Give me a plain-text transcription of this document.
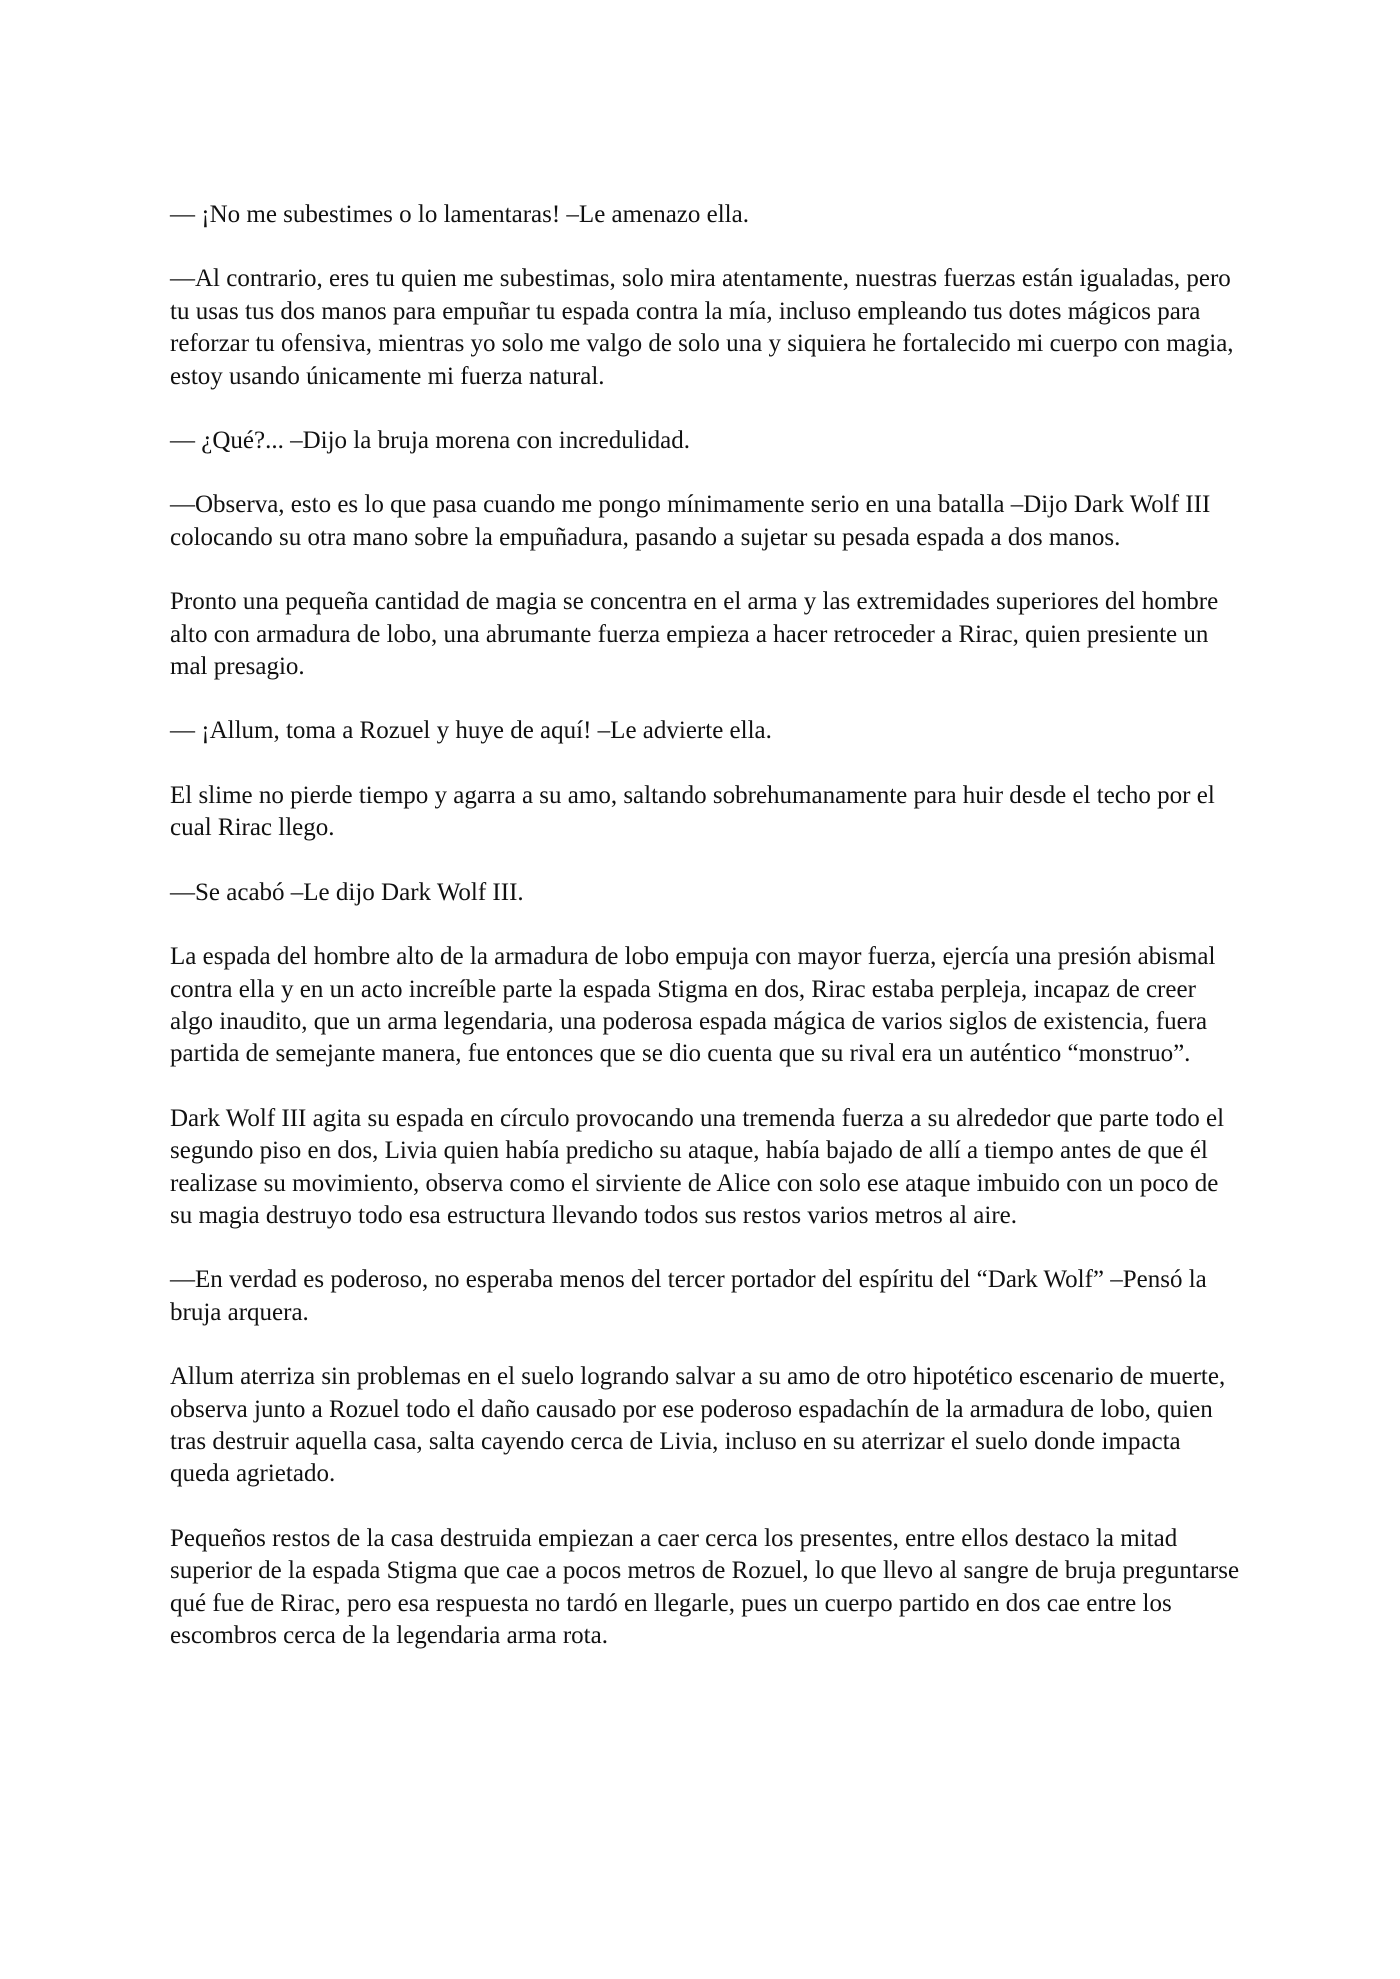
— ¡No me subestimes o lo lamentaras! –Le amenazo ella.

—Al contrario, eres tu quien me subestimas, solo mira atentamente, nuestras fuerzas están igualadas, pero tu usas tus dos manos para empuñar tu espada contra la mía, incluso empleando tus dotes mágicos para reforzar tu ofensiva, mientras yo solo me valgo de solo una y siquiera he fortalecido mi cuerpo con magia, estoy usando únicamente mi fuerza natural.

— ¿Qué?... –Dijo la bruja morena con incredulidad.

—Observa, esto es lo que pasa cuando me pongo mínimamente serio en una batalla –Dijo Dark Wolf III colocando su otra mano sobre la empuñadura, pasando a sujetar su pesada espada a dos manos.

Pronto una pequeña cantidad de magia se concentra en el arma y las extremidades superiores del hombre alto con armadura de lobo, una abrumante fuerza empieza a hacer retroceder a Rirac, quien presiente un mal presagio.

— ¡Allum, toma a Rozuel y huye de aquí! –Le advierte ella.

El slime no pierde tiempo y agarra a su amo, saltando sobrehumanamente para huir desde el techo por el cual Rirac llego.

—Se acabó –Le dijo Dark Wolf III.

La espada del hombre alto de la armadura de lobo empuja con mayor fuerza, ejercía una presión abismal contra ella y en un acto increíble parte la espada Stigma en dos, Rirac estaba perpleja, incapaz de creer algo inaudito, que un arma legendaria, una poderosa espada mágica de varios siglos de existencia, fuera partida de semejante manera, fue entonces que se dio cuenta que su rival era un auténtico “monstruo”.

Dark Wolf III agita su espada en círculo provocando una tremenda fuerza a su alrededor que parte todo el segundo piso en dos, Livia quien había predicho su ataque, había bajado de allí a tiempo antes de que él realizase su movimiento, observa como el sirviente de Alice con solo ese ataque imbuido con un poco de su magia destruyo todo esa estructura llevando todos sus restos varios metros al aire.

—En verdad es poderoso, no esperaba menos del tercer portador del espíritu del “Dark Wolf” –Pensó la bruja arquera.

Allum aterriza sin problemas en el suelo logrando salvar a su amo de otro hipotético escenario de muerte, observa junto a Rozuel todo el daño causado por ese poderoso espadachín de la armadura de lobo, quien tras destruir aquella casa, salta cayendo cerca de Livia, incluso en su aterrizar el suelo donde impacta queda agrietado.

Pequeños restos de la casa destruida empiezan a caer cerca los presentes, entre ellos destaco la mitad superior de la espada Stigma que cae a pocos metros de Rozuel, lo que llevo al sangre de bruja preguntarse qué fue de Rirac, pero esa respuesta no tardó en llegarle, pues un cuerpo partido en dos cae entre los escombros cerca de la legendaria arma rota.
